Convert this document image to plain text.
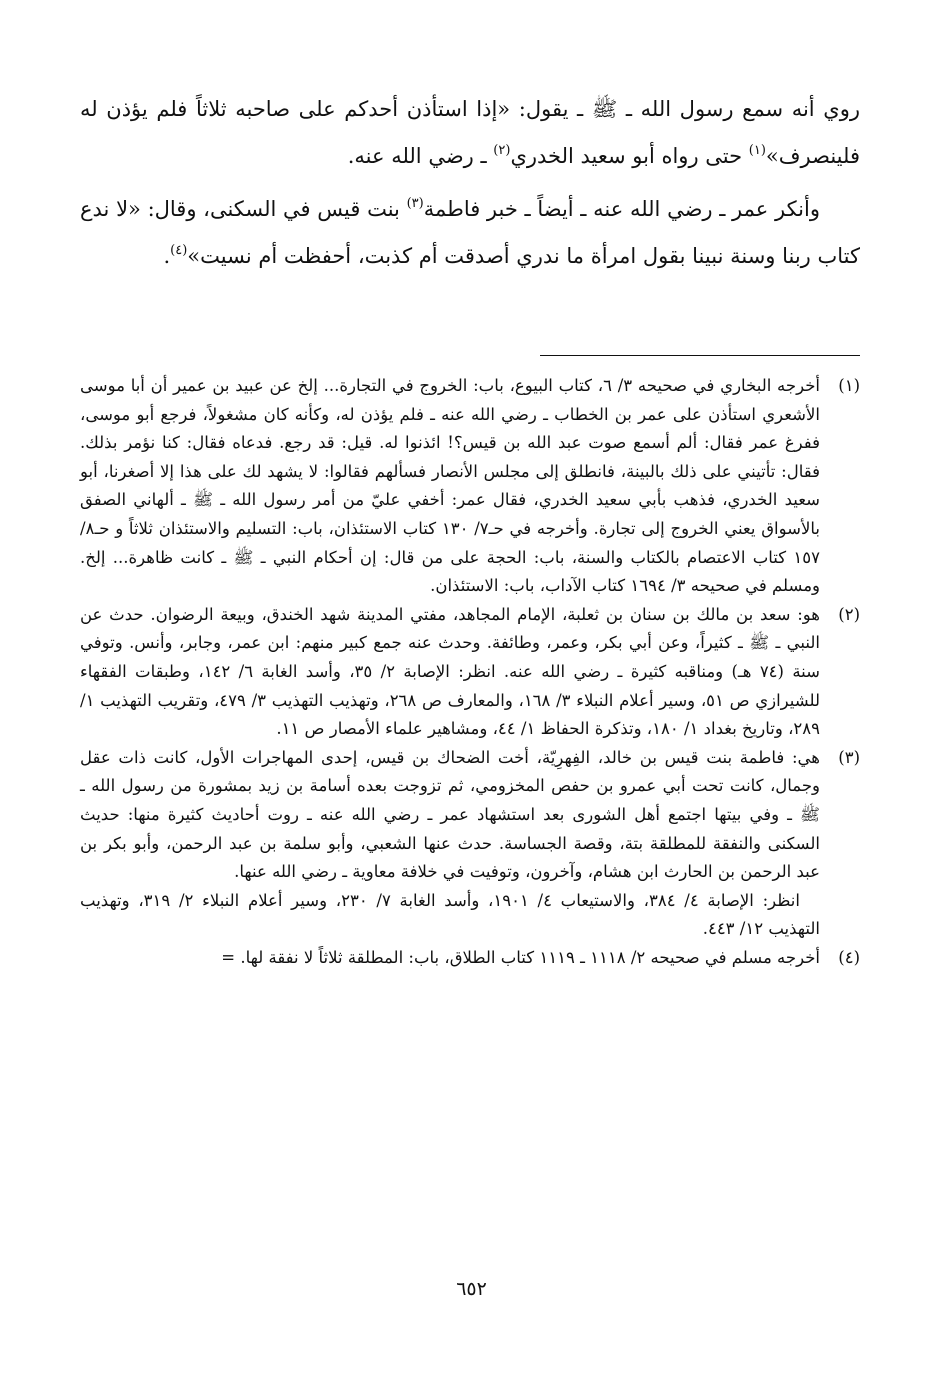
روي أنه سمع رسول الله ـ ﷺ ـ يقول: «إذا استأذن أحدكم على صاحبه ثلاثاً فلم يؤذن له فلينصرف»$^{(١)}$ حتى رواه أبو سعيد الخدري$^{(٢)}$ ـ رضي الله عنه.

وأنكر عمر ـ رضي الله عنه ـ أيضاً ـ خبر فاطمة$^{(٣)}$ بنت قيس في السكنى، وقال: «لا ندع كتاب ربنا وسنة نبينا بقول امرأة ما ندري أصدقت أم كذبت، أحفظت أم نسيت»$^{(٤)}$.

(١)
أخرجه البخاري في صحيحه ٣/ ٦، كتاب البيوع، باب: الخروج في التجارة... إلخ عن عبيد بن عمير أن أبا موسى الأشعري استأذن على عمر بن الخطاب ـ رضي الله عنه ـ فلم يؤذن له، وكأنه كان مشغولاً، فرجع أبو موسى، ففرغ عمر فقال: ألم أسمع صوت عبد الله بن قيس؟! ائذنوا له. قيل: قد رجع. فدعاه فقال: كنا نؤمر بذلك. فقال: تأتيني على ذلك بالبينة، فانطلق إلى مجلس الأنصار فسألهم فقالوا: لا يشهد لك على هذا إلا أصغرنا، أبو سعيد الخدري، فذهب بأبي سعيد الخدري، فقال عمر: أخفي عليّ من أمر رسول الله ـ ﷺ ـ ألهاني الصفق بالأسواق يعني الخروج إلى تجارة. وأخرجه في حـ٧/ ١٣٠ كتاب الاستئذان، باب: التسليم والاستئذان ثلاثاً و حـ٨/ ١٥٧ كتاب الاعتصام بالكتاب والسنة، باب: الحجة على من قال: إن أحكام النبي ـ ﷺ ـ كانت ظاهرة... إلخ. ومسلم في صحيحه ٣/ ١٦٩٤ كتاب الآداب، باب: الاستئذان.
(٢)
هو: سعد بن مالك بن سنان بن ثعلبة، الإمام المجاهد، مفتي المدينة شهد الخندق، وبيعة الرضوان. حدث عن النبي ـ ﷺ ـ كثيراً، وعن أبي بكر، وعمر، وطائفة. وحدث عنه جمع كبير منهم: ابن عمر، وجابر، وأنس. وتوفي سنة (٧٤ هـ) ومناقبه كثيرة ـ رضي الله عنه. انظر: الإصابة ٢/ ٣٥، وأسد الغابة ٦/ ١٤٢، وطبقات الفقهاء للشيرازي ص ٥١، وسير أعلام النبلاء ٣/ ١٦٨، والمعارف ص ٢٦٨، وتهذيب التهذيب ٣/ ٤٧٩، وتقريب التهذيب ١/ ٢٨٩، وتاريخ بغداد ١/ ١٨٠، وتذكرة الحفاظ ١/ ٤٤، ومشاهير علماء الأمصار ص ١١.
(٣)
هي: فاطمة بنت قيس بن خالد، الفِهرِيّة، أخت الضحاك بن قيس، إحدى المهاجرات الأول، كانت ذات عقل وجمال، كانت تحت أبي عمرو بن حفص المخزومي، ثم تزوجت بعده أسامة بن زيد بمشورة من رسول الله ـ ﷺ ـ وفي بيتها اجتمع أهل الشورى بعد استشهاد عمر ـ رضي الله عنه ـ روت أحاديث كثيرة منها: حديث السكنى والنفقة للمطلقة بتة، وقصة الجساسة. حدث عنها الشعبي، وأبو سلمة بن عبد الرحمن، وأبو بكر بن عبد الرحمن بن الحارث ابن هشام، وآخرون، وتوفيت في خلافة معاوية ـ رضي الله عنها.

انظر: الإصابة ٤/ ٣٨٤، والاستيعاب ٤/ ١٩٠١، وأسد الغابة ٧/ ٢٣٠، وسير أعلام النبلاء ٢/ ٣١٩، وتهذيب التهذيب ١٢/ ٤٤٣.

(٤)
أخرجه مسلم في صحيحه ٢/ ١١١٨ ـ ١١١٩ كتاب الطلاق، باب: المطلقة ثلاثاً لا نفقة لها. =
٦٥٢
